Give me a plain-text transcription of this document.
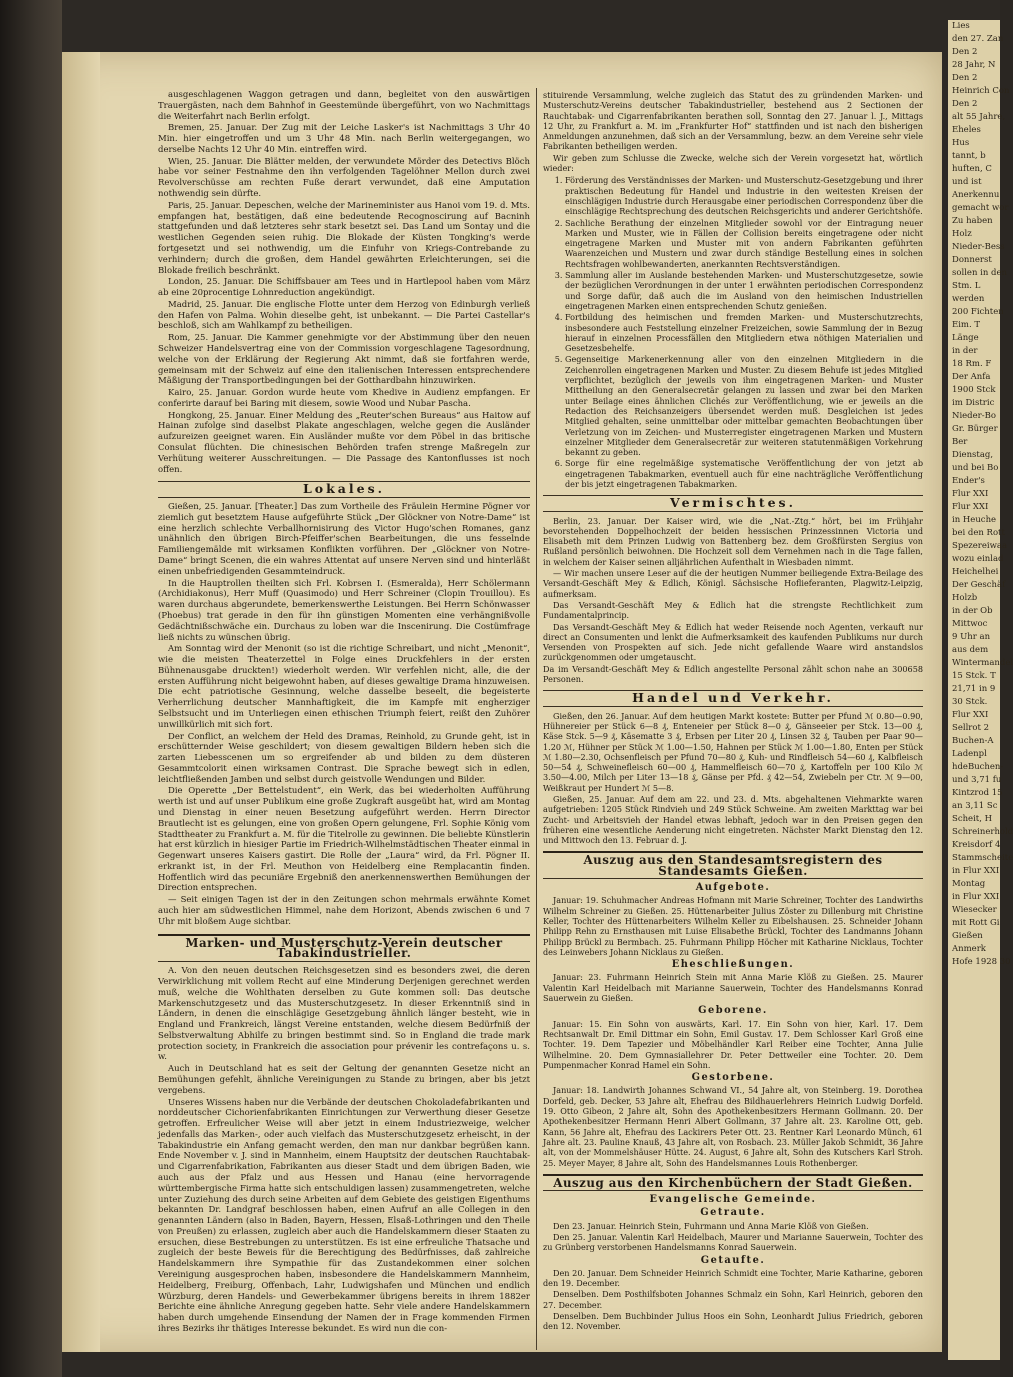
Lies
den 27. Zan
Den 2
28 Jahr, N
Den 2
Heinrich Con
Den 2
alt 55 Jahre,
Eheles
Hus
tannt, b
huften, C
und ist
Anerkennu
gemacht wor
Zu haben
Holz
Nieder-Bess
Donnerst
sollen in den
Stm. L
werden
200 Fichten
Eim. T
Länge
in der
18 Rm. F
Der Anfa
1900 Stck
im Distric
Nieder-Bo
Gr. Bürger
Ber
Dienstag,
und bei Bo
Ender's
Flur XXI
Flur XXI
in Heuche
bei den Rott
Spezereiwaa
wozu einlad
Heichelhei
Der Geschäf
Holzb
in der Ob
Mittwoc
9 Uhr an
aus dem
Wintermandel
15 Stck. T
21,71 in 9
30 Stck.
Flur XXI
Sellrot 2
Buchen-A
Ladenpl
hdeBuchen-
und 3,71 fu
Kintzrod 15
an 3,11 Sc
Scheit, H
Schreinerhold
Kreisdorf 4
Stammscheite
in Flur XXI
Montag
in Flur XXI
Wiesecker
mit Rott Gi
Gießen
Anmerk
Hofe 1928 30

ausgeschlagenen Waggon getragen und dann, begleitet von den auswärtigen Trauergästen, nach dem Bahnhof in Geestemünde übergeführt, von wo Nachmittags die Weiterfahrt nach Berlin erfolgt.

Bremen, 25. Januar. Der Zug mit der Leiche Lasker's ist Nachmittags 3 Uhr 40 Min. hier eingetroffen und um 3 Uhr 48 Min. nach Berlin weitergegangen, wo derselbe Nachts 12 Uhr 40 Min. eintreffen wird.

Wien, 25. Januar. Die Blätter melden, der verwundete Mörder des Detectivs Blöch habe vor seiner Festnahme den ihn verfolgenden Tagelöhner Mellon durch zwei Revolverschüsse am rechten Fuße derart verwundet, daß eine Amputation nothwendig sein dürfte.

Paris, 25. Januar. Depeschen, welche der Marineminister aus Hanoi vom 19. d. Mts. empfangen hat, bestätigen, daß eine bedeutende Recognoscirung auf Bacninh stattgefunden und daß letzteres sehr stark besetzt sei. Das Land um Sontay und die westlichen Gegenden seien ruhig. Die Blokade der Küsten Tongking's werde fortgesetzt und sei nothwendig, um die Einfuhr von Kriegs-Contrebande zu verhindern; durch die großen, dem Handel gewährten Erleichterungen, sei die Blokade freilich beschränkt.

London, 25. Januar. Die Schiffsbauer am Tees und in Hartlepool haben vom März ab eine 20procentige Lohnreduction angekündigt.

Madrid, 25. Januar. Die englische Flotte unter dem Herzog von Edinburgh verließ den Hafen von Palma. Wohin dieselbe geht, ist unbekannt. — Die Partei Castellar's beschloß, sich am Wahlkampf zu betheiligen.

Rom, 25. Januar. Die Kammer genehmigte vor der Abstimmung über den neuen Schweizer Handelsvertrag eine von der Commission vorgeschlagene Tagesordnung, welche von der Erklärung der Regierung Akt nimmt, daß sie fortfahren werde, gemeinsam mit der Schweiz auf eine den italienischen Interessen entsprechendere Mäßigung der Transportbedingungen bei der Gotthardbahn hinzuwirken.

Kairo, 25. Januar. Gordon wurde heute vom Khedive in Audienz empfangen. Er conferirte darauf bei Baring mit diesem, sowie Wood und Nubar Pascha.

Hongkong, 25. Januar. Einer Meldung des „Reuter'schen Bureaus“ aus Haitow auf Hainan zufolge sind daselbst Plakate angeschlagen, welche gegen die Ausländer aufzureizen geeignet waren. Ein Ausländer mußte vor dem Pöbel in das britische Consulat flüchten. Die chinesischen Behörden trafen strenge Maßregeln zur Verhütung weiterer Ausschreitungen. — Die Passage des Kantonflusses ist noch offen.

Lokales.

Gießen, 25. Januar. [Theater.] Das zum Vortheile des Fräulein Hermine Pögner vor ziemlich gut besetztem Hause aufgeführte Stück „Der Glöckner von Notre-Dame“ ist eine herzlich schlechte Verballhornisirung des Victor Hugo'schen Romanes, ganz unähnlich den übrigen Birch-Pfeiffer'schen Bearbeitungen, die uns fesselnde Familiengemälde mit wirksamen Konflikten vorführen. Der „Glöckner von Notre-Dame“ bringt Scenen, die ein wahres Attentat auf unsere Nerven sind und hinterläßt einen unbefriedigenden Gesammteindruck.

In die Hauptrollen theilten sich Frl. Kobrsen I. (Esmeralda), Herr Schölermann (Archidiakonus), Herr Muff (Quasimodo) und Herr Schreiner (Clopin Trouillou). Es waren durchaus abgerundete, bemerkenswerthe Leistungen. Bei Herrn Schönwasser (Phoebus) trat gerade in den für ihn günstigen Momenten eine verhängnißvolle Gedächtnißschwäche ein. Durchaus zu loben war die Inscenirung. Die Costümfrage ließ nichts zu wünschen übrig.

Am Sonntag wird der Menonit (so ist die richtige Schreibart, und nicht „Menonit“, wie die meisten Theaterzettel in Folge eines Druckfehlers in der ersten Bühnenausgabe druckten!) wiederholt werden. Wir verfehlen nicht, alle, die der ersten Aufführung nicht beigewohnt haben, auf dieses gewaltige Drama hinzuweisen. Die echt patriotische Gesinnung, welche dasselbe beseelt, die begeisterte Verherrlichung deutscher Mannhaftigkeit, die im Kampfe mit engherziger Selbstsucht und im Unterliegen einen ethischen Triumph feiert, reißt den Zuhörer unwillkürlich mit sich fort.

Der Conflict, an welchem der Held des Dramas, Reinhold, zu Grunde geht, ist in erschütternder Weise geschildert; von diesem gewaltigen Bildern heben sich die zarten Liebesscenen um so ergreifender ab und bilden zu dem düsteren Gesammtcolorit einen wirksamen Contrast. Die Sprache bewegt sich in edlen, leichtfließenden Jamben und selbst durch geistvolle Wendungen und Bilder.

Die Operette „Der Bettelstudent“, ein Werk, das bei wiederholten Aufführung werth ist und auf unser Publikum eine große Zugkraft ausgeübt hat, wird am Montag und Dienstag in einer neuen Besetzung aufgeführt werden. Herrn Director Brautlecht ist es gelungen, eine von großen Opern gelungene, Frl. Sophie König vom Stadttheater zu Frankfurt a. M. für die Titelrolle zu gewinnen. Die beliebte Künstlerin hat erst kürzlich in hiesiger Partie im Friedrich-Wilhelmstädtischen Theater einmal in Gegenwart unseres Kaisers gastirt. Die Rolle der „Laura“ wird, da Frl. Pögner II. erkrankt ist, in der Frl. Meuthon von Heidelberg eine Remplacantin finden. Hoffentlich wird das pecuniäre Ergebniß den anerkennenswerthen Bemühungen der Direction entsprechen.

— Seit einigen Tagen ist der in den Zeitungen schon mehrmals erwähnte Komet auch hier am südwestlichen Himmel, nahe dem Horizont, Abends zwischen 6 und 7 Uhr mit bloßem Auge sichtbar.

Marken- und Musterschutz-Verein deutscher Tabakindustrieller.

A. Von den neuen deutschen Reichsgesetzen sind es besonders zwei, die deren Verwirklichung mit vollem Recht auf eine Minderung Derjenigen gerechnet werden muß, welche die Wohlthaten derselben zu Gute kommen soll: Das deutsche Markenschutzgesetz und das Musterschutzgesetz. In dieser Erkenntniß sind in Ländern, in denen die einschlägige Gesetzgebung ähnlich länger besteht, wie in England und Frankreich, längst Vereine entstanden, welche diesem Bedürfniß der Selbstverwaltung Abhilfe zu bringen bestimmt sind. So in England die trade mark protection society, in Frankreich die association pour prévenir les contrefaçons u. s. w.

Auch in Deutschland hat es seit der Geltung der genannten Gesetze nicht an Bemühungen gefehlt, ähnliche Vereinigungen zu Stande zu bringen, aber bis jetzt vergebens.

Unseres Wissens haben nur die Verbände der deutschen Chokoladefabrikanten und norddeutscher Cichorienfabrikanten Einrichtungen zur Verwerthung dieser Gesetze getroffen. Erfreulicher Weise will aber jetzt in einem Industriezweige, welcher jedenfalls das Marken-, oder auch vielfach das Musterschutzgesetz erheischt, in der Tabakindustrie ein Anfang gemacht werden, den man nur dankbar begrüßen kann. Ende November v. J. sind in Mannheim, einem Hauptsitz der deutschen Rauchtabak- und Cigarrenfabrikation, Fabrikanten aus dieser Stadt und dem übrigen Baden, wie auch aus der Pfalz und aus Hessen und Hanau (eine hervorragende württembergische Firma hatte sich entschuldigen lassen) zusammengetreten, welche unter Zuziehung des durch seine Arbeiten auf dem Gebiete des geistigen Eigenthums bekannten Dr. Landgraf beschlossen haben, einen Aufruf an alle Collegen in den genannten Ländern (also in Baden, Bayern, Hessen, Elsaß-Lothringen und den Theile von Preußen) zu erlassen, zugleich aber auch die Handelskammern dieser Staaten zu ersuchen, diese Bestrebungen zu unterstützen. Es ist eine erfreuliche Thatsache und zugleich der beste Beweis für die Berechtigung des Bedürfnisses, daß zahlreiche Handelskammern ihre Sympathie für das Zustandekommen einer solchen Vereinigung ausgesprochen haben, insbesondere die Handelskammern Mannheim, Heidelberg, Freiburg, Offenbach, Lahr, Ludwigshafen und München und endlich Würzburg, deren Handels- und Gewerbekammer übrigens bereits in ihrem 1882er Berichte eine ähnliche Anregung gegeben hatte. Sehr viele andere Handelskammern haben durch umgehende Einsendung der Namen der in Frage kommenden Firmen ihres Bezirks ihr thätiges Interesse bekundet. Es wird nun die con-

stituirende Versammlung, welche zugleich das Statut des zu gründenden Marken- und Musterschutz-Vereins deutscher Tabakindustrieller, bestehend aus 2 Sectionen der Rauchtabak- und Cigarrenfabrikanten berathen soll, Sonntag den 27. Januar l. J., Mittags 12 Uhr, zu Frankfurt a. M. im „Frankfurter Hof“ stattfinden und ist nach den bisherigen Anmeldungen anzunehmen, daß sich an der Versammlung, bezw. an dem Vereine sehr viele Fabrikanten betheiligen werden.

Wir geben zum Schlusse die Zwecke, welche sich der Verein vorgesetzt hat, wörtlich wieder:

1. Förderung des Verständnisses der Marken- und Musterschutz-Gesetzgebung und ihrer praktischen Bedeutung für Handel und Industrie in den weitesten Kreisen der einschlägigen Industrie durch Herausgabe einer periodischen Correspondenz über die einschlägige Rechtsprechung des deutschen Reichsgerichts und anderer Gerichtshöfe.
2. Sachliche Berathung der einzelnen Mitglieder sowohl vor der Eintragung neuer Marken und Muster, wie in Fällen der Collision bereits eingetragene oder nicht eingetragene Marken und Muster mit von andern Fabrikanten geführten Waarenzeichen und Mustern und zwar durch ständige Bestellung eines in solchen Rechtsfragen wohlbewanderten, anerkannten Rechtsverständigen.
3. Sammlung aller im Auslande bestehenden Marken- und Musterschutzgesetze, sowie der bezüglichen Verordnungen in der unter 1 erwähnten periodischen Correspondenz und Sorge dafür, daß auch die im Ausland von den heimischen Industriellen eingetragenen Marken einen entsprechenden Schutz genießen.
4. Fortbildung des heimischen und fremden Marken- und Musterschutzrechts, insbesondere auch Feststellung einzelner Freizeichen, sowie Sammlung der in Bezug hierauf in einzelnen Processfällen den Mitgliedern etwa nöthigen Materialien und Gesetzesbehelfe.
5. Gegenseitige Markenerkennung aller von den einzelnen Mitgliedern in die Zeichenrollen eingetragenen Marken und Muster. Zu diesem Behufe ist jedes Mitglied verpflichtet, bezüglich der jeweils von ihm eingetragenen Marken- und Muster Mittheilung an den Generalsecretär gelangen zu lassen und zwar bei den Marken unter Beilage eines ähnlichen Clichés zur Veröffentlichung, wie er jeweils an die Redaction des Reichsanzeigers übersendet werden muß. Desgleichen ist jedes Mitglied gehalten, seine unmittelbar oder mittelbar gemachten Beobachtungen über Verletzung von im Zeichen- und Musterregister eingetragenen Marken und Mustern einzelner Mitglieder dem Generalsecretär zur weiteren statutenmäßigen Vorkehrung bekannt zu geben.
6. Sorge für eine regelmäßige systematische Veröffentlichung der von jetzt ab eingetragenen Tabakmarken, eventuell auch für eine nachträgliche Veröffentlichung der bis jetzt eingetragenen Tabakmarken.
Vermischtes.

Berlin, 23. Januar. Der Kaiser wird, wie die „Nat.-Ztg.“ hört, bei im Frühjahr bevorstehenden Doppelhochzeit der beiden hessischen Prinzessinnen Victoria und Elisabeth mit dem Prinzen Ludwig von Battenberg bez. dem Großfürsten Sergius von Rußland persönlich beiwohnen. Die Hochzeit soll dem Vernehmen nach in die Tage fallen, in welchem der Kaiser seinen alljährlichen Aufenthalt in Wiesbaden nimmt.

— Wir machen unsere Leser auf die der heutigen Nummer beiliegende Extra-Beilage des Versandt-Geschäft Mey & Edlich, Königl. Sächsische Hoflieferanten, Plagwitz-Leipzig, aufmerksam.

Das Versandt-Geschäft Mey & Edlich hat die strengste Rechtlichkeit zum Fundamentalprincip.

Das Versandt-Geschäft Mey & Edlich hat weder Reisende noch Agenten, verkauft nur direct an Consumenten und lenkt die Aufmerksamkeit des kaufenden Publikums nur durch Versenden von Prospekten auf sich. Jede nicht gefallende Waare wird anstandslos zurückgenommen oder umgetauscht.

Da im Versandt-Geschäft Mey & Edlich angestellte Personal zählt schon nahe an 300 Personen.
658
Handel und Verkehr.

Gießen, den 26. Januar. Auf dem heutigen Markt kostete: Butter per Pfund ℳ 0.80—0.90, Hühnereier per Stück 6—8 ₰, Enteneier per Stück 8—0 ₰, Gänseeier per Stck. 13—00 ₰, Käse Stck. 5—9 ₰, Käsematte 3 ₰, Erbsen per Liter 20 ₰, Linsen 32 ₰, Tauben per Paar 90—1.20 ℳ, Hühner per Stück ℳ 1.00—1.50, Hahnen per Stück ℳ 1.00—1.80, Enten per Stück ℳ 1.80—2.30, Ochsenfleisch per Pfund 70—80 ₰, Kuh- und Rindfleisch 54—60 ₰, Kalbfleisch 50—54 ₰, Schweinefleisch 60—00 ₰, Hammelfleisch 60—70 ₰, Kartoffeln per 100 Kilo ℳ 3.50—4.00, Milch per Liter 13—18 ₰, Gänse per Pfd. ₰ 42—54, Zwiebeln per Ctr. ℳ 9—00, Weißkraut per Hundert ℳ 5—8.

Gießen, 25. Januar. Auf dem am 22. und 23. d. Mts. abgehaltenen Viehmarkte waren aufgetrieben: 1205 Stück Rindvieh und 249 Stück Schweine. Am zweiten Markttag war bei Zucht- und Arbeitsvieh der Handel etwas lebhaft, jedoch war in den Preisen gegen den früheren eine wesentliche Aenderung nicht eingetreten. Nächster Markt Dienstag den 12. und Mittwoch den 13. Februar d. J.

Auszug aus den Standesamtsregistern des Standesamts Gießen.
Aufgebote.

Januar: 19. Schuhmacher Andreas Hofmann mit Marie Schreiner, Tochter des Landwirths Wilhelm Schreiner zu Gießen. 25. Hüttenarbeiter Julius Zöster zu Dillenburg mit Christine Keller, Tochter des Hüttenarbeiters Wilhelm Keller zu Eibelshausen. 25. Schneider Johann Philipp Rehn zu Ernsthausen mit Luise Elisabethe Brückl, Tochter des Landmanns Johann Philipp Brückl zu Bermbach. 25. Fuhrmann Philipp Höcher mit Katharine Nicklaus, Tochter des Leinwebers Johann Nicklaus zu Gießen.

Eheschließungen.

Januar: 23. Fuhrmann Heinrich Stein mit Anna Marie Klöß zu Gießen. 25. Maurer Valentin Karl Heidelbach mit Marianne Sauerwein, Tochter des Handelsmanns Konrad Sauerwein zu Gießen.

Geborene.

Januar: 15. Ein Sohn von auswärts, Karl. 17. Ein Sohn von hier, Karl. 17. Dem Rechtsanwalt Dr. Emil Dittmar ein Sohn, Emil Gustav. 17. Dem Schlosser Karl Groß eine Tochter. 19. Dem Tapezier und Möbelhändler Karl Reiber eine Tochter, Anna Julie Wilhelmine. 20. Dem Gymnasiallehrer Dr. Peter Dettweiler eine Tochter. 20. Dem Pumpenmacher Konrad Hamel ein Sohn.

Gestorbene.

Januar: 18. Landwirth Johannes Schwand VI., 54 Jahre alt, von Steinberg. 19. Dorothea Dorfeld, geb. Decker, 53 Jahre alt, Ehefrau des Bildhauerlehrers Heinrich Ludwig Dorfeld. 19. Otto Gibeon, 2 Jahre alt, Sohn des Apothekenbesitzers Hermann Gollmann. 20. Der Apothekenbesitzer Hermann Henri Albert Gollmann, 37 Jahre alt. 23. Karoline Ott, geb. Kann, 56 Jahre alt, Ehefrau des Lackirers Peter Ott. 23. Rentner Karl Leonardo Münch, 61 Jahre alt. 23. Pauline Knauß, 43 Jahre alt, von Rosbach. 23. Müller Jakob Schmidt, 36 Jahre alt, von der Mommelshäuser Hütte. 24. August, 6 Jahre alt, Sohn des Kutschers Karl Stroh. 25. Meyer Mayer, 8 Jahre alt, Sohn des Handelsmannes Louis Rothenberger.

Auszug aus den Kirchenbüchern der Stadt Gießen.
Evangelische Gemeinde.
Getraute.

Den 23. Januar. Heinrich Stein, Fuhrmann und Anna Marie Klöß von Gießen.

Den 25. Januar. Valentin Karl Heidelbach, Maurer und Marianne Sauerwein, Tochter des zu Grünberg verstorbenen Handelsmanns Konrad Sauerwein.

Getaufte.

Den 20. Januar. Dem Schneider Heinrich Schmidt eine Tochter, Marie Katharine, geboren den 19. December.

Denselben. Dem Posthilfsboten Johannes Schmalz ein Sohn, Karl Heinrich, geboren den 27. December.

Denselben. Dem Buchbinder Julius Hoos ein Sohn, Leonhardt Julius Friedrich, geboren den 12. November.
